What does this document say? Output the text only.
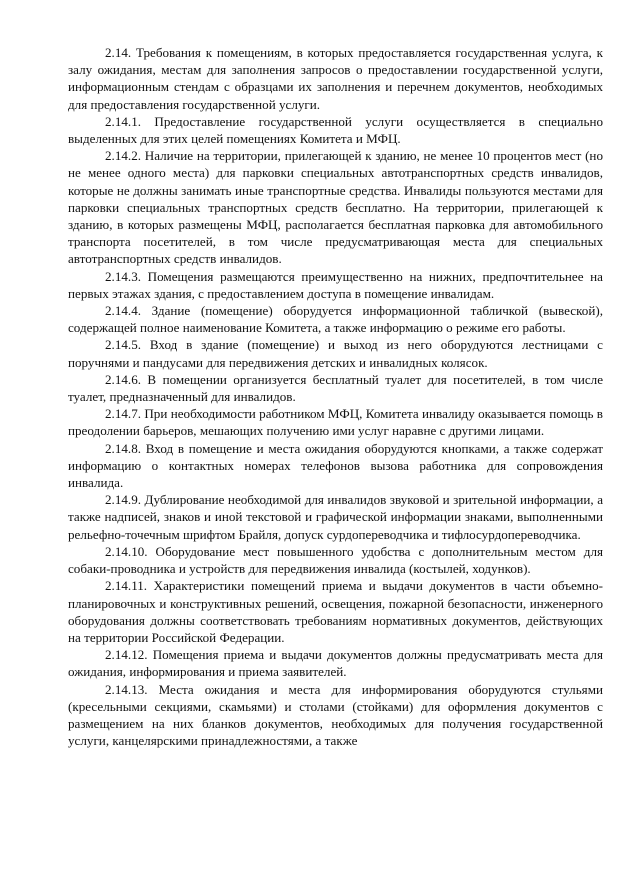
2.14. Требования к помещениям, в которых предоставляется государственная услуга, к залу ожидания, местам для заполнения запросов о предоставлении государственной услуги, информационным стендам с образцами их заполнения и перечнем документов, необходимых для предоставления государственной услуги.

2.14.1. Предоставление государственной услуги осуществляется в специально выделенных для этих целей помещениях Комитета и МФЦ.

2.14.2. Наличие на территории, прилегающей к зданию, не менее 10 процентов мест (но не менее одного места) для парковки специальных автотранспортных средств инвалидов, которые не должны занимать иные транспортные средства. Инвалиды пользуются местами для парковки специальных транспортных средств бесплатно. На территории, прилегающей к зданию, в которых размещены МФЦ, располагается бесплатная парковка для автомобильного транспорта посетителей, в том числе предусматривающая места для специальных автотранспортных средств инвалидов.

2.14.3. Помещения размещаются преимущественно на нижних, предпочтительнее на первых этажах здания, с предоставлением доступа в помещение инвалидам.

2.14.4. Здание (помещение) оборудуется информационной табличкой (вывеской), содержащей полное наименование Комитета, а также информацию о режиме его работы.

2.14.5. Вход в здание (помещение) и выход из него оборудуются лестницами с поручнями и пандусами для передвижения детских и инвалидных колясок.

2.14.6. В помещении организуется бесплатный туалет для посетителей, в том числе туалет, предназначенный для инвалидов.

2.14.7. При необходимости работником МФЦ, Комитета инвалиду оказывается помощь в преодолении барьеров, мешающих получению ими услуг наравне с другими лицами.

2.14.8. Вход в помещение и места ожидания оборудуются кнопками, а также содержат информацию о контактных номерах телефонов вызова работника для сопровождения инвалида.

2.14.9. Дублирование необходимой для инвалидов звуковой и зрительной информации, а также надписей, знаков и иной текстовой и графической информации знаками, выполненными рельефно-точечным шрифтом Брайля, допуск сурдопереводчика и тифлосурдопереводчика.

2.14.10. Оборудование мест повышенного удобства с дополнительным местом для собаки-проводника и устройств для передвижения инвалида (костылей, ходунков).

2.14.11. Характеристики помещений приема и выдачи документов в части объемно-планировочных и конструктивных решений, освещения, пожарной безопасности, инженерного оборудования должны соответствовать требованиям нормативных документов, действующих на территории Российской Федерации.

2.14.12. Помещения приема и выдачи документов должны предусматривать места для ожидания, информирования и приема заявителей.

2.14.13. Места ожидания и места для информирования оборудуются стульями (кресельными секциями, скамьями) и столами (стойками) для оформления документов с размещением на них бланков документов, необходимых для получения государственной услуги, канцелярскими принадлежностями, а также
